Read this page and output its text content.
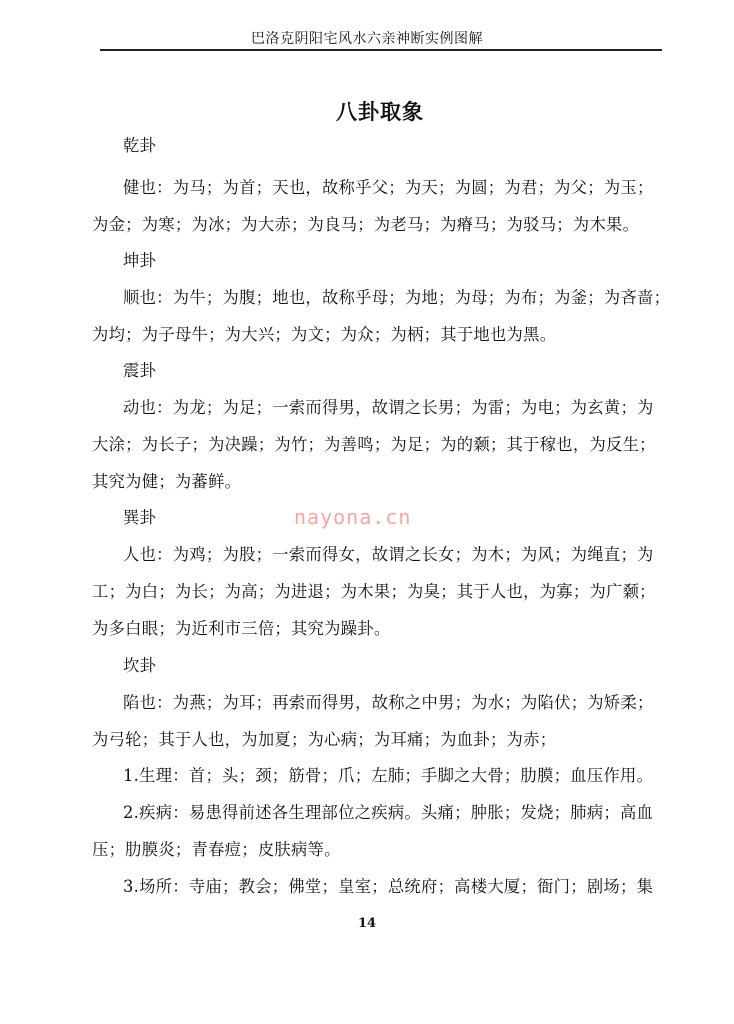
巴洛克阴阳宅风水六亲神断实例图解
八卦取象
乾卦
健也：为马；为首；天也，故称乎父；为天；为圆；为君；为父；为玉；
为金；为寒；为冰；为大赤；为良马；为老马；为瘠马；为驳马；为木果。
坤卦
顺也：为牛；为腹；地也，故称乎母；为地；为母；为布；为釜；为吝啬；
为均；为子母牛；为大兴；为文；为众；为柄；其于地也为黑。
震卦
动也：为龙；为足；一索而得男，故谓之长男；为雷；为电；为玄黄；为
大涂；为长子；为决躁；为竹；为善鸣；为足；为的颡；其于稼也，为反生；
其究为健；为蕃鲜。
巽卦
人也：为鸡；为股；一索而得女，故谓之长女；为木；为风；为绳直；为
工；为白；为长；为高；为进退；为木果；为臭；其于人也，为寡；为广颡；
为多白眼；为近利市三倍；其究为躁卦。
坎卦
陷也：为燕；为耳；再索而得男，故称之中男；为水；为陷伏；为矫柔；
为弓轮；其于人也，为加夏；为心病；为耳痛；为血卦；为赤；
1.生理：首；头；颈；筋骨；爪；左肺；手脚之大骨；肋膜；血压作用。
2.疾病：易患得前述各生理部位之疾病。头痛；肿胀；发烧；肺病；高血
压；肋膜炎；青春痘；皮肤病等。
3.场所：寺庙；教会；佛堂；皇室；总统府；高楼大厦；衙门；剧场；集
nayona.cn
14
